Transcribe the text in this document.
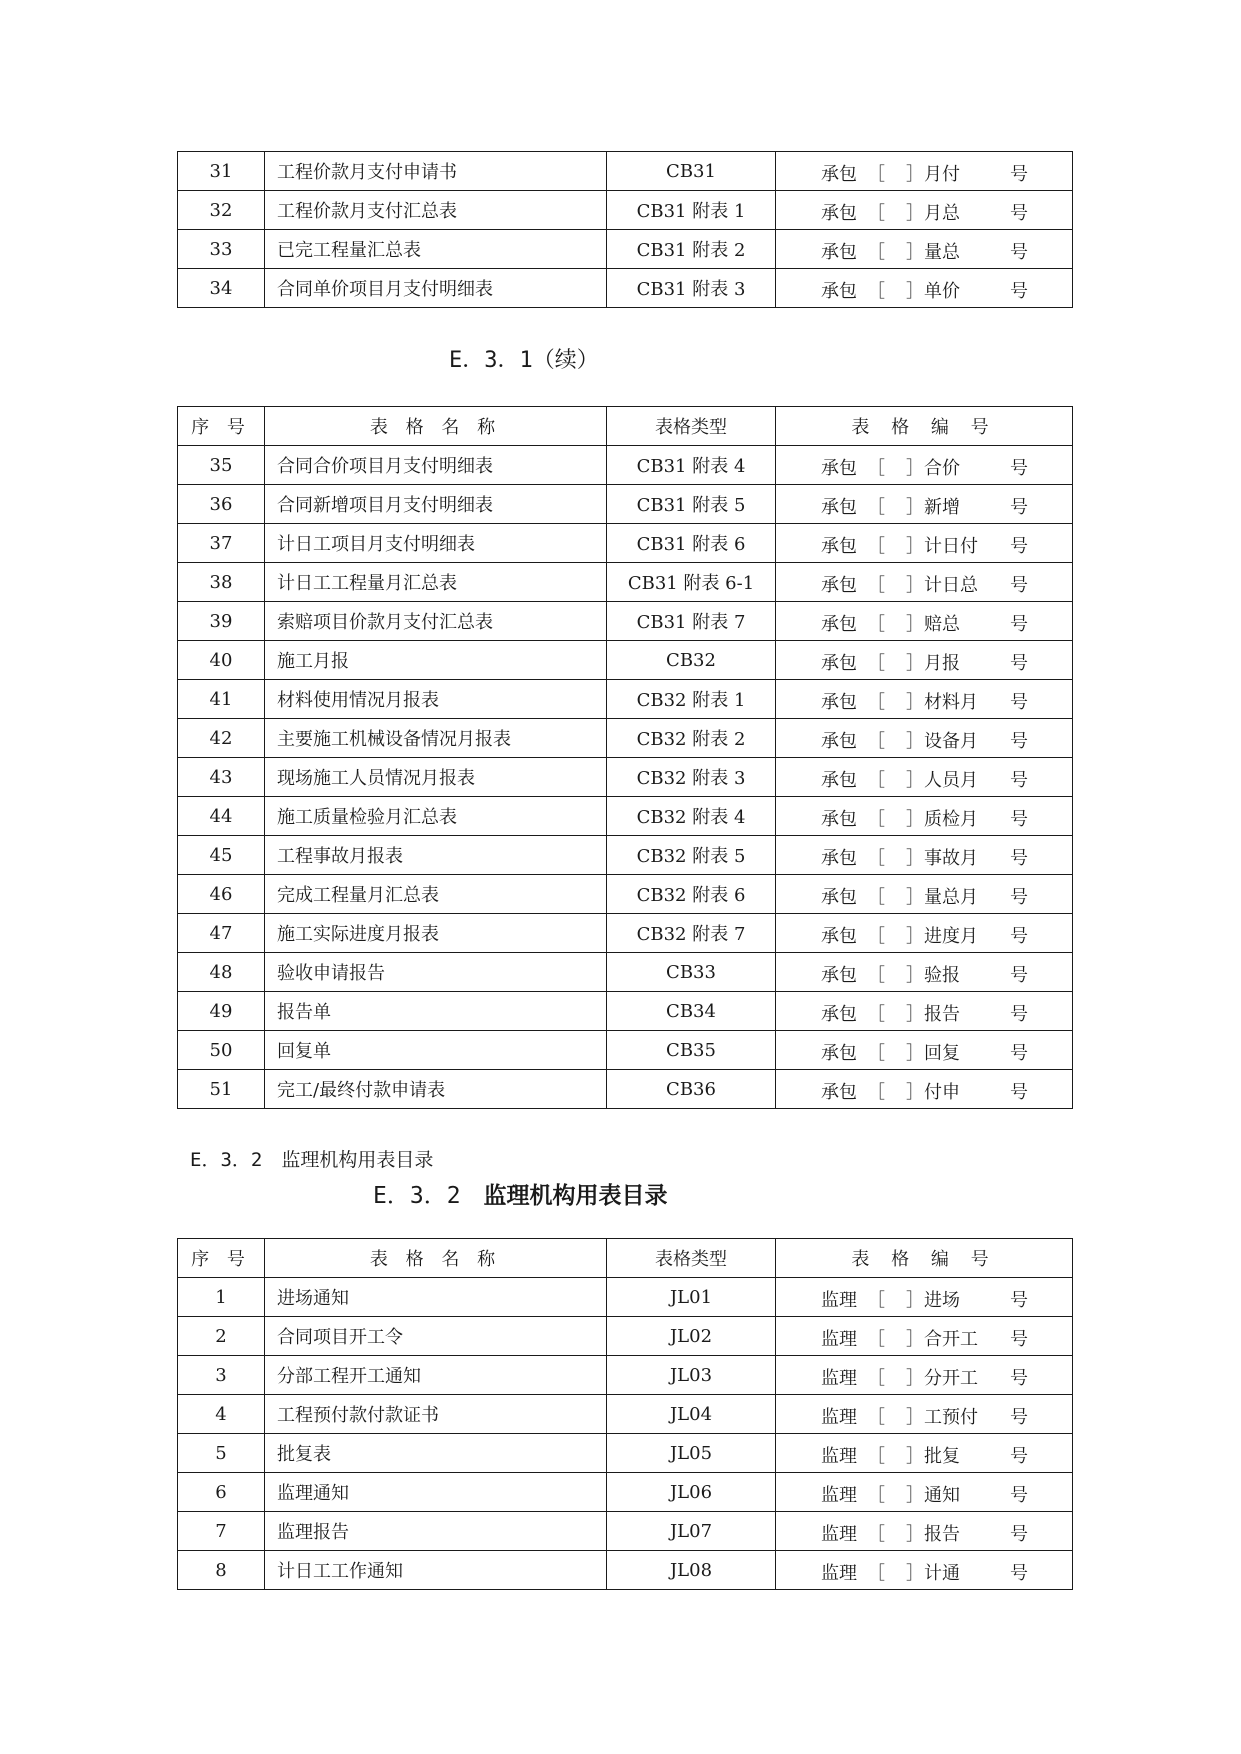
31	工程价款月支付申请书	CB31	承包 ［ ］ 月付 号

32	工程价款月支付汇总表	CB31 附表 1	承包 ［ ］ 月总 号

33	已完工程量汇总表	CB31 附表 2	承包 ［ ］ 量总 号

34	合同单价项目月支付明细表	CB31 附表 3	承包 ［ ］ 单价 号
E．3．1（续）
序 号	表 格 名 称	表格类型	表 格 编 号
35	合同合价项目月支付明细表	CB31 附表 4	承包 ［ ］ 合价 号

36	合同新增项目月支付明细表	CB31 附表 5	承包 ［ ］ 新增 号

37	计日工项目月支付明细表	CB31 附表 6	承包 ［ ］ 计日付 号

38	计日工工程量月汇总表	CB31 附表 6-1	承包 ［ ］ 计日总 号

39	索赔项目价款月支付汇总表	CB31 附表 7	承包 ［ ］ 赔总 号

40	施工月报	CB32	承包 ［ ］ 月报 号

41	材料使用情况月报表	CB32 附表 1	承包 ［ ］ 材料月 号

42	主要施工机械设备情况月报表	CB32 附表 2	承包 ［ ］ 设备月 号

43	现场施工人员情况月报表	CB32 附表 3	承包 ［ ］ 人员月 号

44	施工质量检验月汇总表	CB32 附表 4	承包 ［ ］ 质检月 号

45	工程事故月报表	CB32 附表 5	承包 ［ ］ 事故月 号

46	完成工程量月汇总表	CB32 附表 6	承包 ［ ］ 量总月 号

47	施工实际进度月报表	CB32 附表 7	承包 ［ ］ 进度月 号

48	验收申请报告	CB33	承包 ［ ］ 验报 号

49	报告单	CB34	承包 ［ ］ 报告 号

50	回复单	CB35	承包 ［ ］ 回复 号

51	完工/最终付款申请表	CB36	承包 ［ ］ 付申 号
E．3．2　监理机构用表目录
E．3．2　监理机构用表目录
序 号	表 格 名 称	表格类型	表 格 编 号
1	进场通知	JL01	监理 ［ ］ 进场 号

2	合同项目开工令	JL02	监理 ［ ］ 合开工 号

3	分部工程开工通知	JL03	监理 ［ ］ 分开工 号

4	工程预付款付款证书	JL04	监理 ［ ］ 工预付 号

5	批复表	JL05	监理 ［ ］ 批复 号

6	监理通知	JL06	监理 ［ ］ 通知 号

7	监理报告	JL07	监理 ［ ］ 报告 号

8	计日工工作通知	JL08	监理 ［ ］ 计通 号
